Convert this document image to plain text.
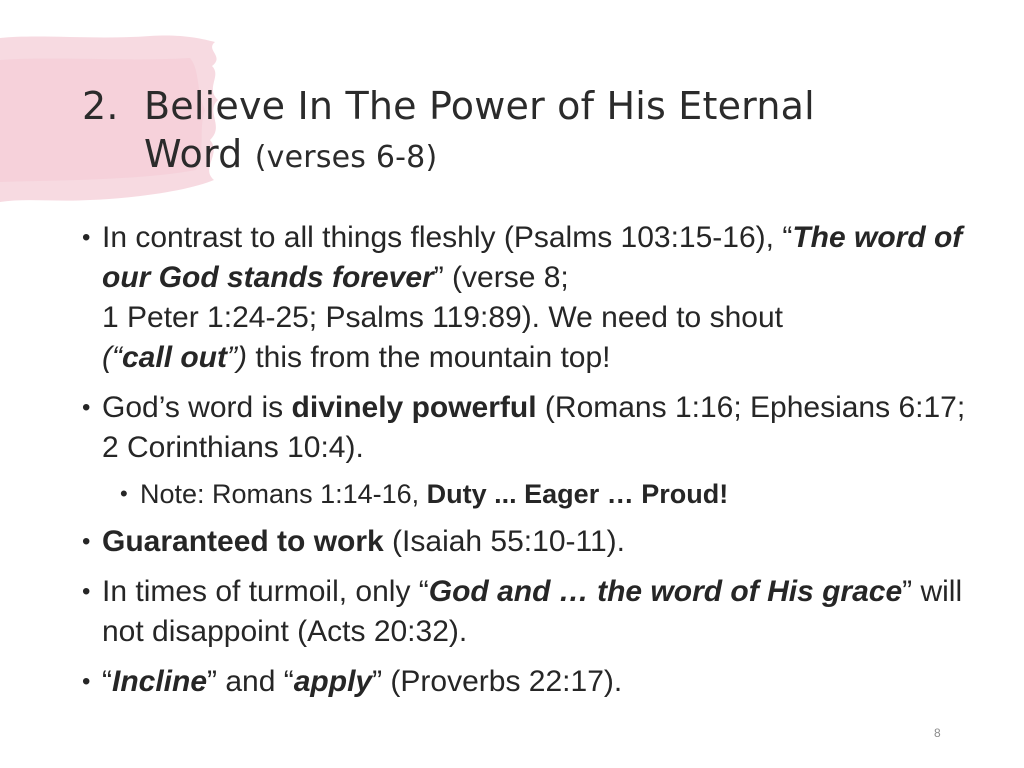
2. Believe In The Power of His Eternal
Word (verses 6-8)
• In contrast to all things fleshly (Psalms 103:15-16), “The word of our God stands forever” (verse 8;
1 Peter 1:24-25; Psalms 119:89). We need to shout
(“call out”) this from the mountain top!
• God’s word is divinely powerful (Romans 1:16; Ephesians 6:17; 2 Corinthians 10:4).
• Note: Romans 1:14-16, Duty ... Eager … Proud!
• Guaranteed to work (Isaiah 55:10-11).
• In times of turmoil, only “God and … the word of His grace” will not disappoint (Acts 20:32).
• “Incline” and “apply” (Proverbs 22:17).
8
